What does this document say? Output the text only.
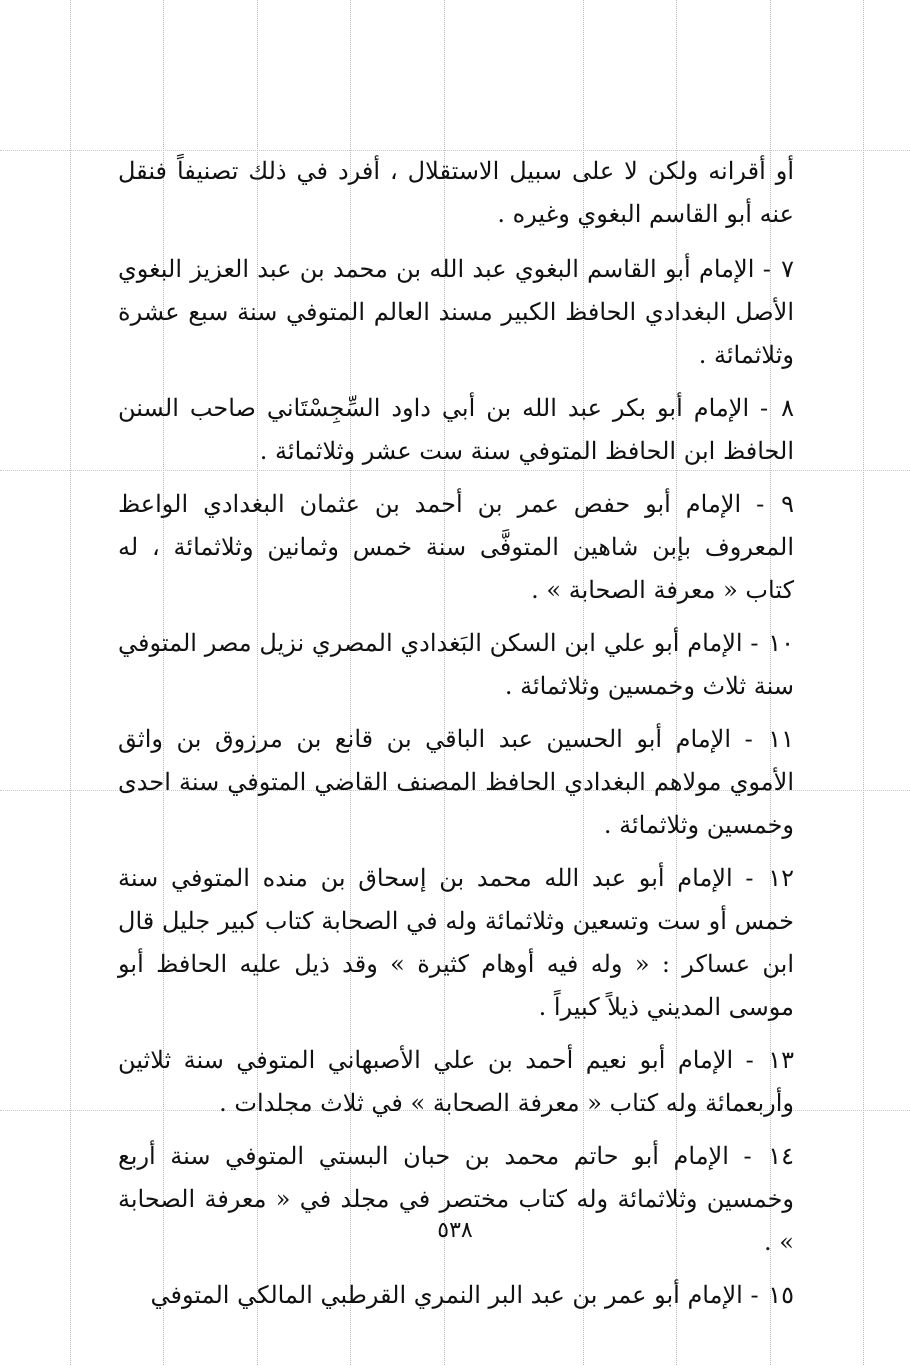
أو أقرانه ولكن لا على سبيل الاستقلال ، أفرد في ذلك تصنيفاً فنقل عنه أبو القاسم البغوي وغيره .

٧ - الإمام أبو القاسم البغوي عبد الله بن محمد بن عبد العزيز البغوي الأصل البغدادي الحافظ الكبير مسند العالم المتوفي سنة سبع عشرة وثلاثمائة .

٨ - الإمام أبو بكر عبد الله بن أبي داود السِّجِسْتَاني صاحب السنن الحافظ ابن الحافظ المتوفي سنة ست عشر وثلاثمائة .

٩ - الإمام أبو حفص عمر بن أحمد بن عثمان البغدادي الواعظ المعروف بإبن شاهين المتوفَّى سنة خمس وثمانين وثلاثمائة ، له كتاب « معرفة الصحابة » .

١٠ - الإمام أبو علي ابن السكن البَغدادي المصري نزيل مصر المتوفي سنة ثلاث وخمسين وثلاثمائة .

١١ - الإمام أبو الحسين عبد الباقي بن قانع بن مرزوق بن واثق الأموي مولاهم البغدادي الحافظ المصنف القاضي المتوفي سنة احدى وخمسين وثلاثمائة .

١٢ - الإمام أبو عبد الله محمد بن إسحاق بن منده المتوفي سنة خمس أو ست وتسعين وثلاثمائة وله في الصحابة كتاب كبير جليل قال ابن عساكر : « وله فيه أوهام كثيرة » وقد ذيل عليه الحافظ أبو موسى المديني ذيلاً كبيراً .

١٣ - الإمام أبو نعيم أحمد بن علي الأصبهاني المتوفي سنة ثلاثين وأربعمائة وله كتاب « معرفة الصحابة » في ثلاث مجلدات .

١٤ - الإمام أبو حاتم محمد بن حبان البستي المتوفي سنة أربع وخمسين وثلاثمائة وله كتاب مختصر في مجلد في « معرفة الصحابة » .

١٥ - الإمام أبو عمر بن عبد البر النمري القرطبي المالكي المتوفي

٥٣٨
